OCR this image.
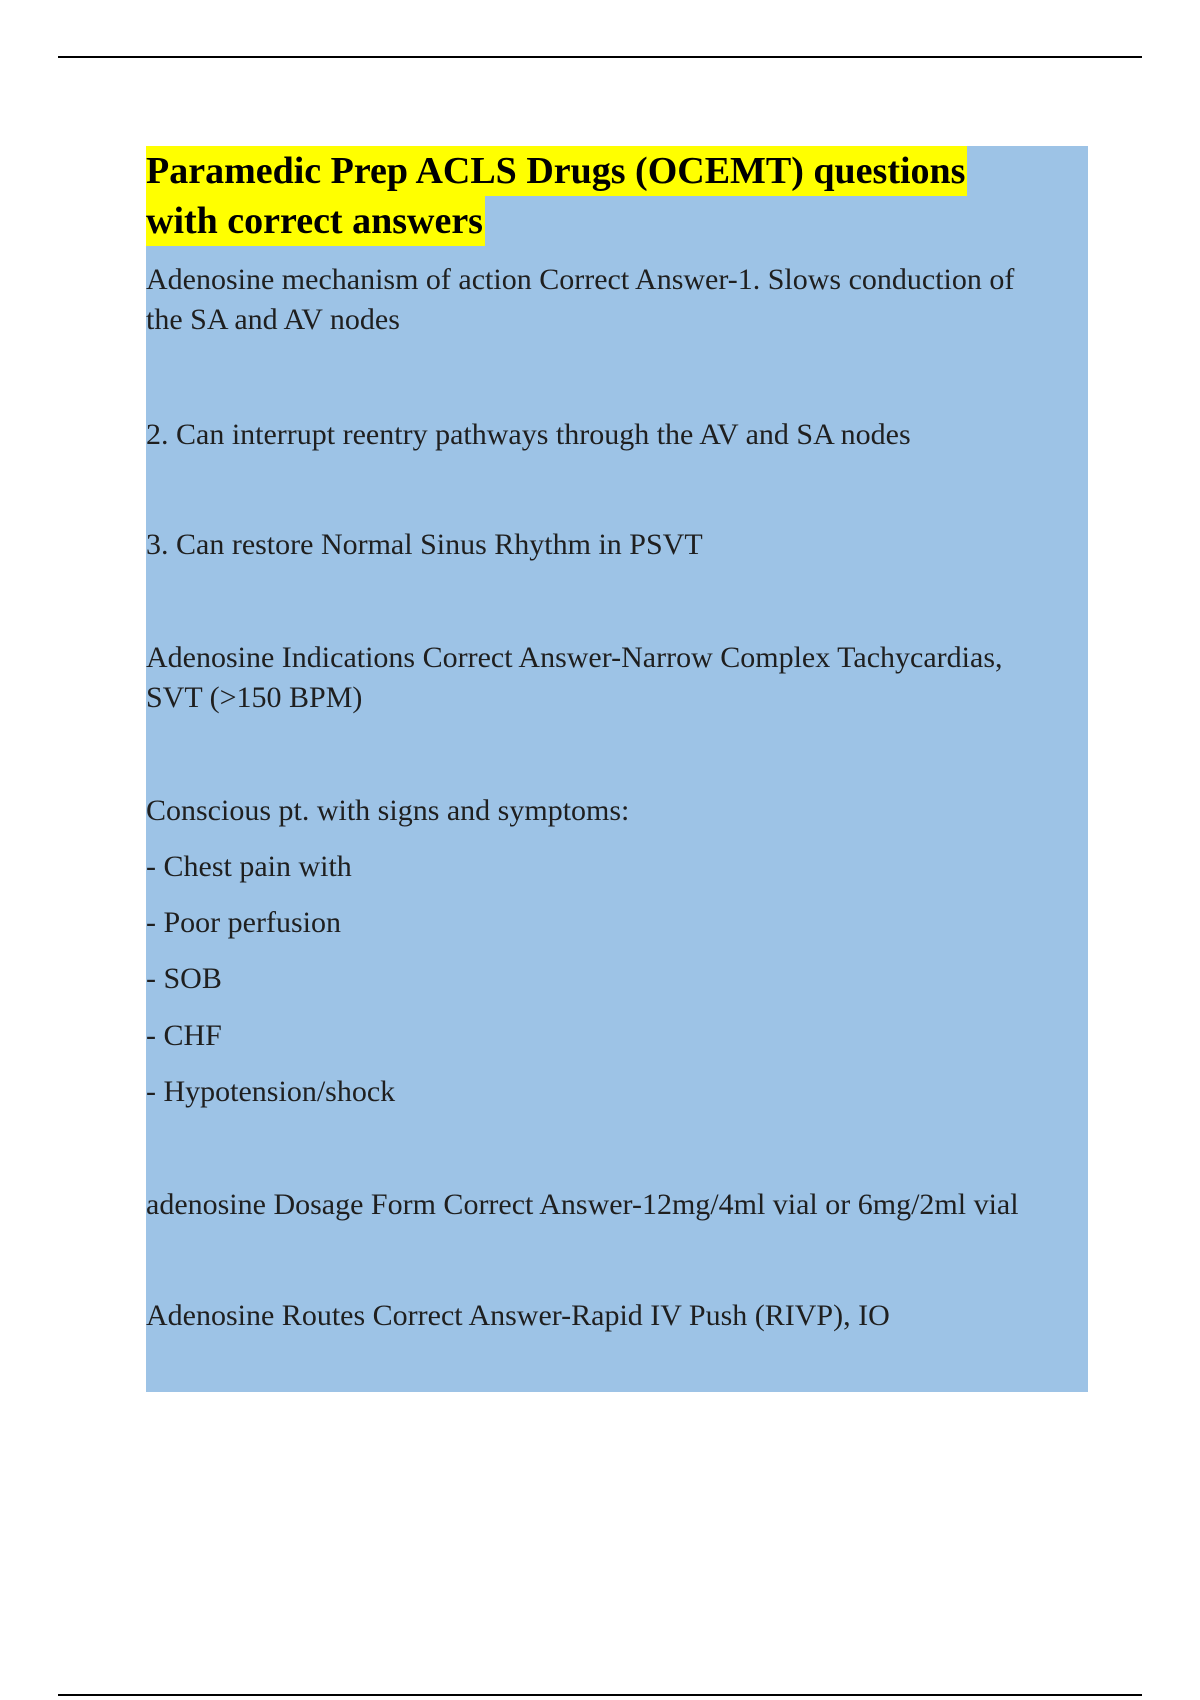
Paramedic Prep ACLS Drugs (OCEMT) questions
with correct answers
Adenosine mechanism of action Correct Answer-1. Slows conduction of
the SA and AV nodes
2. Can interrupt reentry pathways through the AV and SA nodes
3. Can restore Normal Sinus Rhythm in PSVT
Adenosine Indications Correct Answer-Narrow Complex Tachycardias,
SVT (>150 BPM)
Conscious pt. with signs and symptoms:
- Chest pain with
- Poor perfusion
- SOB
- CHF
- Hypotension/shock
adenosine Dosage Form Correct Answer-12mg/4ml vial or 6mg/2ml vial
Adenosine Routes Correct Answer-Rapid IV Push (RIVP), IO
